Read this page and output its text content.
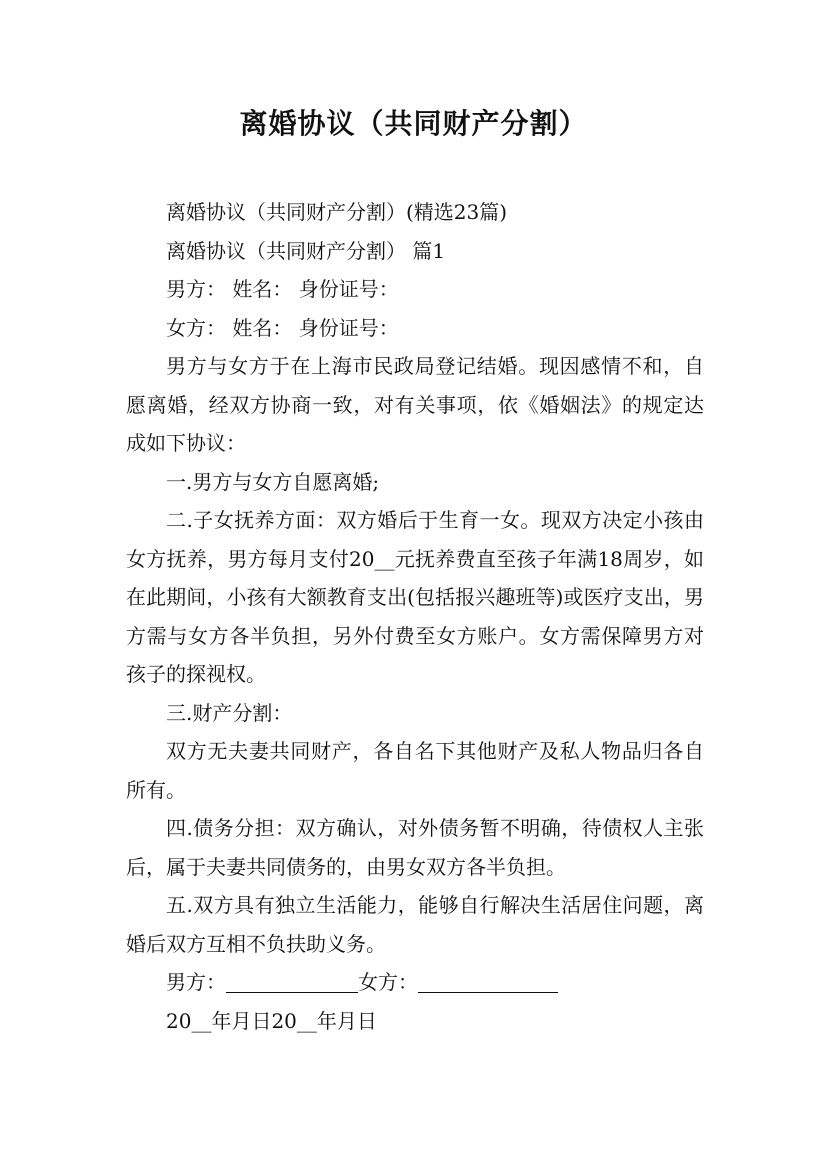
离婚协议（共同财产分割）

离婚协议（共同财产分割）(精选23篇)

离婚协议（共同财产分割） 篇1

男方： 姓名： 身份证号：

女方： 姓名： 身份证号：

男方与女方于在上海市民政局登记结婚。现因感情不和，自愿离婚，经双方协商一致，对有关事项，依《婚姻法》的规定达成如下协议：

一.男方与女方自愿离婚;

二.子女抚养方面：双方婚后于生育一女。现双方决定小孩由女方抚养，男方每月支付20__元抚养费直至孩子年满18周岁，如在此期间，小孩有大额教育支出(包括报兴趣班等)或医疗支出，男方需与女方各半负担，另外付费至女方账户。女方需保障男方对孩子的探视权。

三.财产分割：

双方无夫妻共同财产，各自名下其他财产及私人物品归各自所有。

四.债务分担：双方确认，对外债务暂不明确，待债权人主张后，属于夫妻共同债务的，由男女双方各半负担。

五.双方具有独立生活能力，能够自行解决生活居住问题，离婚后双方互相不负扶助义务。

男方：	女方：

20__年月日20__年月日
